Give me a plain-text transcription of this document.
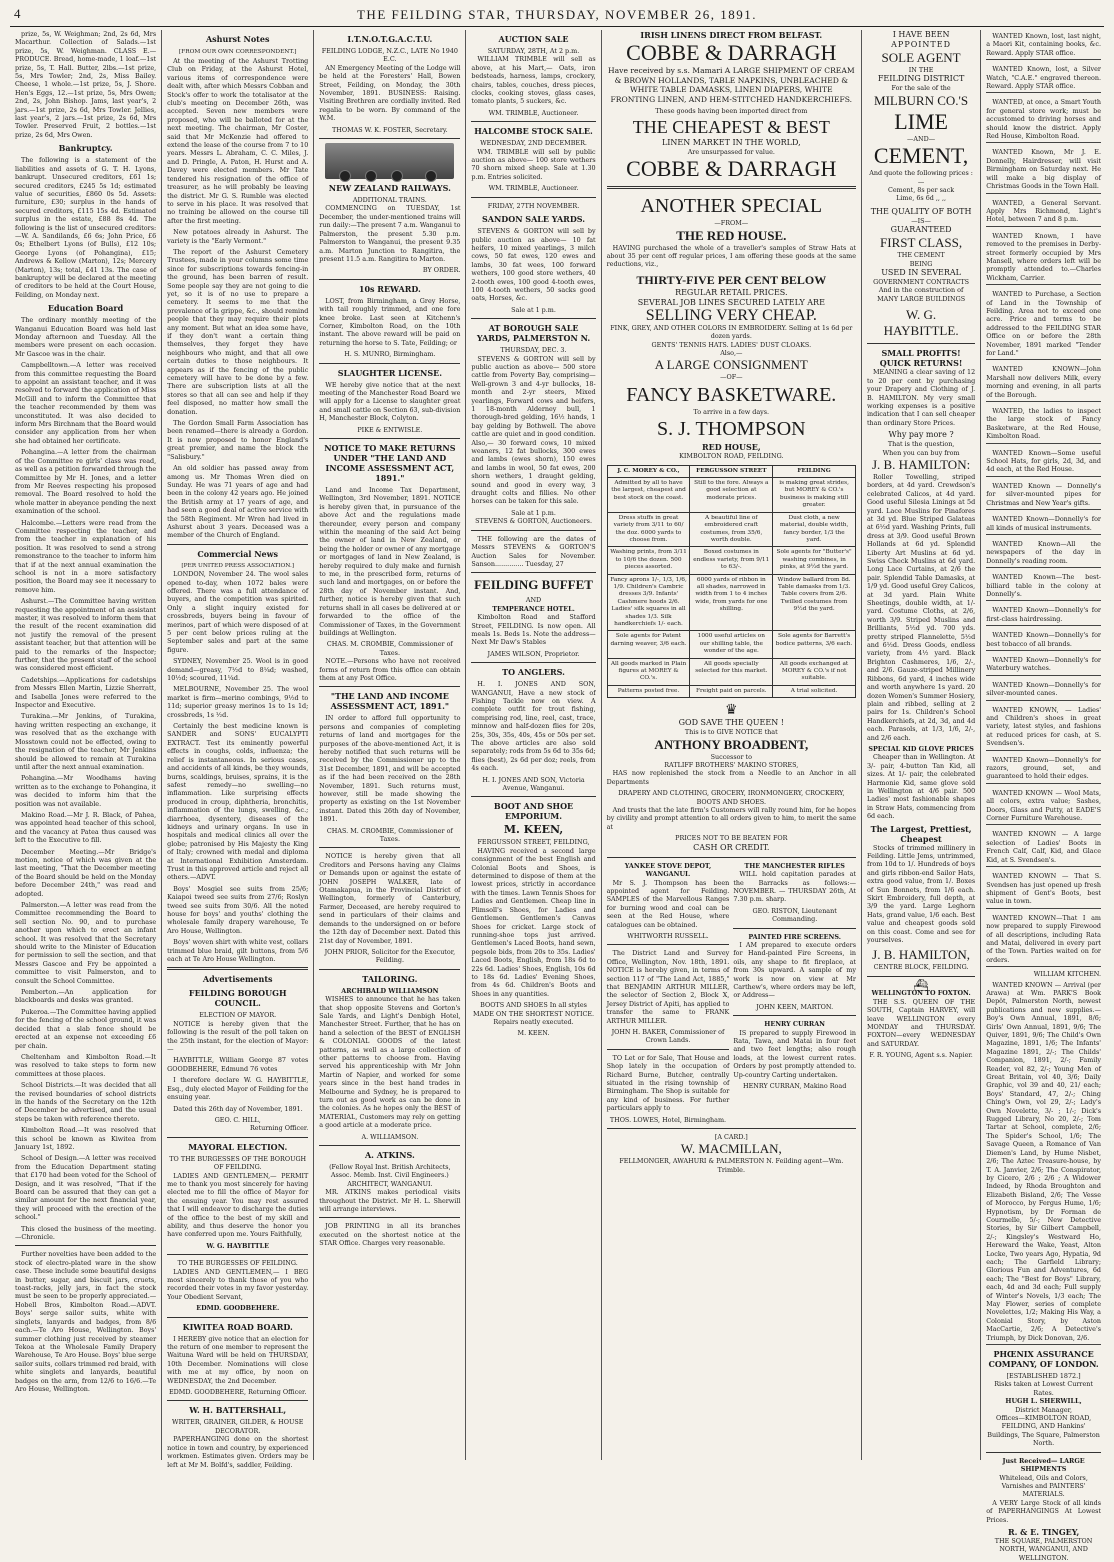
4	THE FEILDING STAR, THURSDAY, NOVEMBER 26, 1891.

prize, 5s, W. Weighman; 2nd, 2s 6d, Mrs Macarthur. Collection of Salads.—1st prize, 5s, W. Weighman. CLASS E.—PRODUCE. Bread, home-made, 1 loaf.—1st prize, 5s, T. Hall. Butter, 2lbs.—1st prize, 5s, Mrs Towler; 2nd, 2s, Miss Bailey. Cheese, 1 whole.—1st prize, 5s, J. Shore. Hen's Eggs, 12.—1st prize, 5s, Mrs Owen; 2nd, 2s, John Bishop. Jams, last year's, 2 jars.—1st prize, 2s 6d, Mrs Towler. Jellies, last year's, 2 jars.—1st prize, 2s 6d, Mrs Towler. Preserved Fruit, 2 bottles.—1st prize, 2s 6d, Mrs Owen.

Bankruptcy.

The following is a statement of the liabilities and assets of G. T. H. Lyons, bankrupt. Unsecured creditors, £61 1s; secured creditors, £245 5s 1d; estimated value of securities, £860 0s 5d. Assets: furniture, £30; surplus in the hands of secured creditors, £115 15s 4d. Estimated surplus in the estate, £88 8s 4d. The following is the list of unsecured creditors:—W. A. Sandilands, £6 6s; John Price, £6 0s; Ethelbert Lyons (of Bulls), £12 10s; George Lyons (of Pohangina), £15; Andrews & Kellow (Marton), 12s; Mercery (Marton), 13s; total, £41 13s. The case of bankruptcy will be declared at the meeting of creditors to be held at the Court House, Feilding, on Monday next.

Education Board

The ordinary monthly meeting of the Wanganui Education Board was held last Monday afternoon and Tuesday. All the members were present on each occasion. Mr Gascoe was in the chair.

Campbelltown.—A letter was received from this committee requesting the Board to appoint an assistant teacher, and it was resolved to forward the application of Miss McGill and to inform the Committee that the teacher recommended by them was unconstituted. It was also decided to inform Mrs Birchnam that the Board would consider any application from her when she had obtained her certificate.

Pohangina.—A letter from the chairman of the Committee re girls' class was read, as well as a petition forwarded through the Committee by Mr H. Jones, and a letter from Mr Reeves respecting his proposed removal. The Board resolved to hold the whole matter in abeyance pending the next examination of the school.

Halcombe.—Letters were read from the Committee respecting the teacher, and from the teacher in explanation of his position. It was resolved to send a strong remonstrance to the teacher to inform him that if at the next annual examination the school is not in a more satisfactory position, the Board may see it necessary to remove him.

Ashurst.—The Committee having written requesting the appointment of an assistant master, it was resolved to inform them that the result of the recent examination did not justify the removal of the present assistant teacher, but that attention will be paid to the remarks of the Inspector; further, that the present staff of the school was considered most efficient.

Cadetships.—Applications for cadetships from Messrs Ellen Martin, Lizzie Sherratt, and Isabella Jones were referred to the Inspector and Executive.

Turakina.—Mr Jenkins, of Turakina, having written respecting an exchange, it was resolved that as the exchange with Mosstown could not be effected, owing to the resignation of the teacher, Mr Jenkins should be allowed to remain at Turakina until after the next annual examination.

Pohangina.—Mr Woodhams having written as to the exchange to Pohangina, it was decided to inform him that the position was not available.

Makino Road.—Mr J. R. Black, of Pahea, was appointed head teacher of this school, and the vacancy at Patea thus caused was left to the Executive to fill.

December Meeting.—Mr Bridge's motion, notice of which was given at the last meeting, "That the December meeting of the Board should be held on the Monday before December 24th," was read and adopted.

Palmerston.—A letter was read from the Committee recommending the Board to sell section No. 90, and to purchase another upon which to erect an infant school. It was resolved that the Secretary should write to the Minister of Education for permission to sell the section, and that Messrs Gascoe and Fry be appointed a committee to visit Palmerston, and to consult the School Committee.

Pemberton.—An application for blackboards and desks was granted.

Pukeroa.—The Committee having applied for the fencing of the school ground, it was decided that a slab fence should be erected at an expense not exceeding £6 per chain.

Cheltenham and Kimbolton Road.—It was resolved to take steps to form new committees at those places.

School Districts.—It was decided that all the revised boundaries of school districts in the hands of the Secretary on the 12th of December be advertised, and the usual steps be taken with reference thereto.

Kimbolton Road.—It was resolved that this school be known as Kiwitea from January 1st, 1892.

School of Design.—A letter was received from the Education Department stating that £170 had been voted for the School of Design, and it was resolved, "That if the Board can be assured that they can get a similar amount for the next financial year, they will proceed with the erection of the school."

This closed the business of the meeting.—Chronicle.

Further novelties have been added to the stock of electro-plated ware in the show case. These include some beautiful designs in butter, sugar, and biscuit jars, cruets, toast-racks, jelly jars, in fact the stock must be seen to be properly appreciated.—Hobell Bros, Kimbolton Road.—ADVT. Boys' serge sailor suits, white with singlets, lanyards and badges, from 8/6 each.—Te Aro House, Wellington. Boys' summer clothing just received by steamer Tekoa at the Wholesale Family Drapery Warehouse, Te Aro House. Boys' blue serge sailor suits, collars trimmed red braid, with white singlets and lanyards, beautiful badges on the arm, from 12/6 to 16/6.—Te Aro House, Wellington.

Ashurst Notes
[FROM OUR OWN CORRESPONDENT.]

At the meeting of the Ashurst Trotting Club on Friday, at the Ashurst Hotel, various items of correspondence were dealt with, after which Messrs Cobban and Stock's offer to work the totalisator at the club's meeting on December 26th, was accepted. Seven new members were proposed, who will be balloted for at the next meeting. The chairman, Mr Coster, said that Mr McKenzie had offered to extend the lease of the course from 7 to 10 years. Messrs L. Abraham, C. C. Miles, J. and D. Pringle, A. Paton, H. Hurst and A. Davey were elected members. Mr Tate tendered his resignation of the office of treasurer, as he will probably be leaving the district. Mr G. S. Rumble was elected to serve in his place. It was resolved that no training be allowed on the course till after the first meeting.

New potatoes already in Ashurst. The variety is the "Early Vermont."

The report of the Ashurst Cemetery Trustees, made in your columns some time since for subscriptions towards fencing-in the ground, has been barren of result. Some people say they are not going to die yet, so it is of no use to prepare a cemetery. It seems to me that the prevalence of la grippe, &c., should remind people that they may require their plots any moment. But what an idea some have, if they don't want a certain thing themselves, they forget they have neighbours who might, and that all owe certain duties to those neighbours. It appears as if the fencing of the public cemetery will have to be done by a few. There are subscription lists at all the stores so that all can see and help if they feel disposed, no matter how small the donation.

The Gordon Small Farm Association has been renamed—there is already a Gordon. It is now proposed to honor England's great premier, and name the block the "Salisbury."

An old soldier has passed away from among us. Mr Thomas Wren died on Sunday. He was 71 years of age and had been in the colony 42 years ago. He joined the British army at 17 years of age, and had seen a good deal of active service with the 58th Regiment. Mr Wren had lived in Ashurst about 3 years. Deceased was a member of the Church of England.

Commercial News
[PER UNITED PRESS ASSOCIATION.]

LONDON, November 24. The wool sales opened to-day, when 1072 bales were offered. There was a full attendance of buyers, and the competition was spirited. Only a slight inquiry existed for crossbreds, buyers being in favour of merinos, part of which were disposed of at 5 per cent below prices ruling at the September sales and part at the same figure.

SYDNEY, November 25. Wool is in good demand—greasy, 7½d to 8¼d; washed, 10½d; scoured, 11¼d.

MELBOURNE, November 25. The wool market is firm—merino combings, 9½d to 11d; superior greasy merinos 1s to 1s 1d; crossbreds, 1s ½d.

Certainly the best medicine known is SANDER and SONS' EUCALYPTI EXTRACT. Test its eminently powerful effects in coughs, colds, influenza; the relief is instantaneous. In serious cases, and accidents of all kinds, be they wounds, burns, scaldings, bruises, sprains, it is the safest remedy—no swelling—no inflammation. Like surprising effects produced in croup, diphtheria, bronchitis, inflammation of the lungs, swelling, &c.; diarrhoea, dysentery, diseases of the kidneys and urinary organs. In use in hospitals and medical clinics all over the globe; patronised by His Majesty the King of Italy; crowned with medal and diploma at International Exhibition Amsterdam. Trust in this approved article and reject all others.—ADVT.

Boys' Mosgiel see suits from 25/6; Kaiapoi tweed see suits from 27/6; Roslyn tweed see suits from 30/6. All the noted house for boys' and youths' clothing the wholesale family drapery warehouse, Te Aro House, Wellington.

Boys' woven shirt with white vest, collars trimmed blue braid, gilt buttons, from 5/6 each at Te Aro House Wellington.

Advertisements
FEILDING BOROUGH COUNCIL.
ELECTION OF MAYOR.

NOTICE is hereby given that the following is the result of the poll taken on the 25th instant, for the election of Mayor:—

HAYBITTLE, William George 87 votes GOODBEHERE, Edmund 76 votes

I therefore declare W. G. HAYBITTLE, Esq., duly elected Mayor of Feilding for the ensuing year.

Dated this 26th day of November, 1891.

GEO. C. HILL,
Returning Officer.
MAYORAL ELECTION.
TO THE BURGESSES OF THE BOROUGH OF FEILDING.

LADIES AND GENTLEMEN,— PERMIT me to thank you most sincerely for having elected me to fill the office of Mayor for the ensuing year. You may rest assured that I will endeavor to discharge the duties of the office to the best of my skill and ability, and thus deserve the honor you have conferred upon me. Yours Faithfully,

W. G. HAYBITTLE
TO THE BURGESSES OF FEILDING.

LADIES AND GENTLEMEN,— I BEG most sincerely to thank those of you who recorded their votes in my favor yesterday. Your Obedient Servant,

EDMD. GOODBEHERE.
KIWITEA ROAD BOARD.

I HEREBY give notice that an election for the return of one member to represent the Waituna Ward will be held on THURSDAY, 10th December. Nominations will close with me at my office, by noon on WEDNESDAY, the 2nd December.

EDMD. GOODBEHERE, Returning Officer.
W. H. BATTERSHALL,
WRITER, GRAINER, GILDER, & HOUSE DECORATOR.

PAPERHANGING done on the shortest notice in town and country, by experienced workmen. Estimates given. Orders may be left at Mr M. Bolfd's, saddler, Feilding.

I.T.N.O.T.G.A.C.T.U.
FEILDING LODGE, N.Z.C., LATE No 1940 E.C.

AN Emergency Meeting of the Lodge will be held at the Foresters' Hall, Bowen Street, Feilding, on Monday, the 30th November, 1891. BUSINESS: Raising. Visiting Brethren are cordially invited. Red regalia to be worn. By command of the W.M.

THOMAS W. K. FOSTER, Secretary.
NEW ZEALAND RAILWAYS.
ADDITIONAL TRAINS.

COMMENCING on TUESDAY, 1st December, the under-mentioned trains will run daily:—The present 7 a.m. Wanganui to Palmerston, the present 5.30 p.m. Palmerston to Wanganui, the present 9.35 a.m. Marton Junction to Rangitira, the present 11.5 a.m. Rangitira to Marton.

BY ORDER.
10s REWARD.

LOST, from Birmingham, a Grey Horse, with tail roughly trimmed, and one fore knee broke. Last seen at Kitchenn's Corner, Kimbolton Road, on the 10th instant. The above reward will be paid on returning the horse to S. Tate, Feilding; or

H. S. MUNRO, Birmingham.
SLAUGHTER LICENSE.

WE hereby give notice that at the next meeting of the Manchester Road Board we will apply for a License to slaughter great and small cattle on Section 63, sub-division H, Manchester Block, Colyton.

PIKE & ENTWISLE.
NOTICE TO MAKE RETURNS UNDER "THE LAND AND INCOME ASSESSMENT ACT, 1891."

Land and Income Tax Department, Wellington, 3rd November, 1891. NOTICE is hereby given that, in pursuance of the above Act and the regulations made thereunder, every person and company within the meaning of the said Act being the owner of land in New Zealand, or being the holder or owner of any mortgage or mortgages of land in New Zealand, is hereby required to duly make and furnish to me, in the prescribed form, returns of such land and mortgages, on or before the 28th day of November instant. And, further, notice is hereby given that such returns shall in all cases be delivered at or forwarded to the office of the Commissioner of Taxes, in the Government buildings at Wellington.

CHAS. M. CROMBIE, Commissioner of Taxes.

NOTE.—Persons who have not received forms of return from this office can obtain them at any Post Office.

"THE LAND AND INCOME ASSESSMENT ACT, 1891."

IN order to afford full opportunity to persons and companies of completing returns of land and mortgages for the purposes of the above-mentioned Act, it is hereby notified that such returns will be received by the Commissioner up to the 31st December, 1891, and will be accepted as if the had been received on the 28th November, 1891. Such returns must, however, still be made showing the property as existing on the 1st November instant. Dated this 26th day of November, 1891.

CHAS. M. CROMBIE, Commissioner of Taxes.

NOTICE is hereby given that all Creditors and Persons having any Claims or Demands upon or against the estate of JOHN JOSEPH WALKER, late of Otamakapua, in the Provincial District of Wellington, formerly of Canterbury, Farmer, Deceased, are hereby required to send in particulars of their claims and demands to the undersigned on or before the 12th day of December next. Dated this 21st day of November, 1891.

JOHN PRIOR, Solicitor for the Executor, Feilding.
TAILORING.
ARCHIBALD WILLIAMSON

WISHES to announce that he has taken that shop opposite Stevens and Gorton's Sale Yards, and Light's Denbigh Hotel, Manchester Street. Further, that he has on hand a selection of the BEST of ENGLISH & COLONIAL GOODS of the latest patterns, as well as a large collection of other patterns to choose from. Having served his apprenticeship with Mr John Martin of Napier, and worked for some years since in the best hand trades in Melbourne and Sydney, he is prepared to turn out as good work as can be done in the colonies. As he hopes only the BEST of MATERIAL, Customers may rely on getting a good article at a moderate price.

A. WILLIAMSON.
A. ATKINS.
(Fellow Royal Inst. British Architects, Assoc. Memb. Inst. Civil Engineers.) ARCHITECT, WANGANUI.

MR. ATKINS makes periodical visits throughout the District. Mr H. L. Sherwill will arrange interviews.

JOB PRINTING in all its branches executed on the shortest notice at the STAR Office. Charges very reasonable.

AUCTION SALE
SATURDAY, 28TH, At 2 p.m.

WILLIAM TRIMBLE will sell as above, at his Mart,— Oats, iron bedsteads, harness, lamps, crockery, chairs, tables, couches, dress pieces, clocks, cooking stoves, glass cases, tomato plants, 5 suckers, &c.

WM. TRIMBLE, Auctioneer.
HALCOMBE STOCK SALE.
WEDNESDAY, 2ND DECEMBER.

WM. TRIMBLE will sell by public auction as above— 100 store wethers 70 shorn mixed sheep. Sale at 1.30 p.m. Entries solicited.

WM. TRIMBLE, Auctioneer.
FRIDAY, 27TH NOVEMBER.
SANDON SALE YARDS.

STEVENS & GORTON will sell by public auction as above— 10 fat heifers, 10 mixed yearlings, 3 milch cows, 50 fat ewes, 120 ewes and lambs, 30 fat wees, 100 forward wethers, 100 good store wethers, 40 2-tooth ewes, 100 good 4-tooth ewes, 100 4-tooth wethers, 50 sacks good oats, Horses, &c.

Sale at 1 p.m.
AT BOROUGH SALE YARDS, PALMERSTON N.
THURSDAY, DEC. 3.

STEVENS & GORTON will sell by public auction as above— 500 store cattle from Poverty Bay, comprising— Well-grown 3 and 4-yr bullocks, 18-month and 2-yr steers, Mixed yearlings, Forward cows and heifers, 1 18-month Alderney bull, 1 thorough-bred gelding, 16½ hands, 1 bay gelding by Bothwell. The above cattle are quiet and in good condition. Also,— 30 forward cows, 10 mixed weaners, 12 fat bullocks, 300 ewes and lambs (ewes shorn), 150 ewes and lambs in wool, 50 fat ewes, 200 shorn wethers, 1 draught gelding, sound and good in every way, 3 draught colts and fillies. No other horses can be taken for this sale.

Sale at 1 p.m.
STEVENS & GORTON, Auctioneers.

THE following are the dates of Messrs STEVENS & GORTON'S Auction Sales for November. Sanson.............. Tuesday, 27

FEILDING BUFFET
AND
TEMPERANCE HOTEL.

Kimbolton Road and Stafford Street, FEILDING. Is now open. All meals 1s. Beds 1s. Note the address— Next Mr Daw's Stables

JAMES WILSON, Proprietor.
TO ANGLERS.

H. I. JONES AND SON, WANGANUI, Have a new stock of Fishing Tackle now on view. A complete outfit for trout fishing, comprising rod, line, reel, cast, trace, minnow and half-dozen flies for 20s, 25s, 30s, 35s, 40s, 45s or 50s per set. The above articles are also sold separately; rods from 5s 6d to 35s 6d; flies (best), 2s 6d per doz; reels, from 4s each.

H. I. JONES AND SON, Victoria Avenue, Wanganui.
BOOT AND SHOE EMPORIUM.
M. KEEN,
FERGUSSON STREET, FEILDING,

HAVING received a second large consignment of the best English and Colonial Boots and Shoes, is determined to dispose of them at the lowest prices, strictly in accordance with the times. Lawn Tennis Shoes for Ladies and Gentlemen. Cheap line in Plimsoll's Shoes, for Ladies and Gentlemen. Gentlemen's Canvas Shoes for cricket. Large stock of running-shoe tops just arrived. Gentlemen's Laced Boots, hand sewn, pegsole bids, from 20s to 35s. Ladies' Laced Boots, English, from 18s 6d to 22s 6d. Ladies' Shoes, English, 10s 6d to 18s 6d. Ladies' Evening Shoes, from 4s 6d. Children's Boots and Shoes in any quantities.

BOOTS AND SHOES In all styles MADE ON THE SHORTEST NOTICE. Repairs neatly executed.

M. KEEN.
IRISH LINENS DIRECT FROM BELFAST.
COBBE & DARRAGH

Have received by s.s. Mamari A LARGE SHIPMENT OF CREAM & BROWN HOLLANDS, TABLE NAPKINS, UNBLEACHED & WHITE TABLE DAMASKS, LINEN DIAPERS, WHITE FRONTING LINEN, AND HEM-STITCHED HANDKERCHIEFS.

These goods having been imported direct from
THE CHEAPEST & BEST
LINEN MARKET IN THE WORLD,
Are unsurpassed for value.
COBBE & DARRAGH
ANOTHER SPECIAL
—FROM—
THE RED HOUSE.

HAVING purchased the whole of a traveller's samples of Straw Hats at about 35 per cent off regular prices, I am offering these goods at the same reductions, viz.,

THIRTY-FIVE PER CENT BELOW
REGULAR RETAIL PRICES.
SEVERAL JOB LINES SECURED LATELY ARE
SELLING VERY CHEAP.
FINK, GREY, AND OTHER COLORS IN EMBROIDERY. Selling at 1s 6d per dozen yards.
GENTS' TENNIS HATS. LADIES' DUST CLOAKS.
Also,—
A LARGE CONSIGNMENT
—OF—
FANCY BASKETWARE.
To arrive in a few days.
S. J. THOMPSON
RED HOUSE,
KIMBOLTON ROAD, FEILDING.
J. C. MOREY & CO.,	FERGUSSON STREET	FEILDING
Admitted by all to have the largest, cheapest and best stock on the coast.
Still to the fore. Always a good selection at moderate prices.
is making great strides, but MOREY & CO.'s business is making still greater.
Dress stuffs in great variety from 3/11 to 60/ the doz. 6000 yards to choose from.
A beautiful line of embroidered craft costumes, from 35/6, worth double.
Dust cloth, a new material, double width, fancy border, 1/3 the yard.
Washing prints, from 3/11 to 10/6 the dozen. 500 pieces assorted.
Boxed costumes in endless variety, from 9/11 to 63/-.
Sole agents for "Butter's" washing combines, in pinks, at 9½d the yard.
Fancy aprons 1/-, 1/3, 1/6, 1/9. Children's Cambric dresses 3/9. Infants' Cashmere hoods 2/6. Ladies' silk squares in all shades 1/3. Silk handkerchiefs 1/- each.
6000 yards of ribbon in all shades, narrowed in width from 1 to 4 inches wide, from yards for one shilling.
Window ballard from 8d. Table damasks from 1/3. Table covers from 2/6. Twilled costumes from 9½d the yard.
Sole agents for Patent darning weaver, 3/6 each.
1000 useful articles on our shilling table, the wonder of the age.
Sole agents for Barrett's bodice patterns, 3/6 each.
All goods marked in Plain figures at MOREY & CO.'s.
All goods specially selected for this market.
All goods exchanged at MOREY & CO.'s if not suitable.
Patterns posted free.	Freight paid on parcels.	A trial solicited.
♛
GOD SAVE THE QUEEN !
This is to GIVE NOTICE that
ANTHONY BROADBENT,
Successor to
RATLIFF BROTHERS' MAKINO STORES,

HAS now replenished the stock from a Needle to an Anchor in all Departments

DRAPERY AND CLOTHING, GROCERY, IRONMONGERY, CROCKERY, BOOTS AND SHOES.

And trusts that the late firm's Customers will rally round him, for he hopes by civility and prompt attention to all orders given to him, to merit the same at

PRICES NOT TO BE BEATEN FOR
CASH OR CREDIT.
YANKEE STOVE DEPOT, WANGANUI.

Mr S. J. Thompson has been appointed agent for Feilding. SAMPLES of the Marvellous Ranges for burning wood and coal can be seen at the Red House, where catalogues can be obtained.

WHITWORTH RUSSELL.

The District Land and Survey Office, Wellington, Nov. 18th, 1891. NOTICE is hereby given, in terms of section 117 of "The Land Act, 1885," that BENJAMIN ARTHUR MILLER, the selector of Section 2, Block X, Jersey District of Apiti, has applied to transfer the same to FRANK ARTHUR MILLER.

JOHN H. BAKER, Commissioner of Crown Lands.

TO Let or for Sale, That House and Shop lately in the occupation of Richard Burne, Butcher, centrally situated in the rising township of Birmingham. The Shop is suitable for any kind of business. For further particulars apply to

THOS. LOWES, Hotel, Birmingham.
THE MANCHESTER RIFLES

WILL hold capitation parades at the Barracks as follows:— NOVEMBER. — THURSDAY 26th, At 7.30 p.m. sharp.

GEO. RISTON, Lieutenant Commanding.
PAINTED FIRE SCREENS.

I AM prepared to execute orders for Hand-painted Fire Screens, in oils, any shape to fit fireplace, at from 30s upward. A sample of my work is now on view at Mr Carthew's, where orders may be left, or Address—

JOHN KEEN, MARTON.
HENRY CURRAN

IS prepared to supply Firewood in Rata, Tawa, and Matai in four feet and two feet lengths; also rough loads, at the lowest current rates. Orders by post promptly attended to. Up-country Carting undertaken.

HENRY CURRAN, Makino Road
[A CARD.]
W. MACMILLAN,
FELLMONGER, AWAHURI & PALMERSTON N. Feilding agent—Wm. Trimble.
I HAVE BEEN
APPOINTED
SOLE AGENT
IN THE
FEILDING DISTRICT
For the sale of the
MILBURN CO.'S
LIME
—AND—
CEMENT,
And quote the following prices :—
Cement, 8s per sack
Lime, 6s 6d ,, ,,
THE QUALITY OF BOTH
—IS—
GUARANTEED
FIRST CLASS,
THE CEMENT
BEING
USED IN SEVERAL
GOVERNMENT CONTRACTS
And in the construction of
MANY LARGE BUILDINGS
W. G. HAYBITTLE.
SMALL PROFITS!
QUICK RETURNS!

MEANING a clear saving of 12 to 20 per cent by purchasing your Drapery and Clothing of J. B. HAMILTON. My very small working expenses is a positive indication that I can sell cheaper than ordinary Store Prices.

Why pay more ?
That is the question,
When you can buy from
J. B. HAMILTON:

Roller Towelling, striped borders, at 4d yard. Crewdson's celebrated Calicos, at 4d yard. Good useful Silesia Linings at 5d yard. Lace Muslins for Pinafores at 3d yd. Blue Striped Galateas at 6½d yard. Washing Prints, full dress at 3/9. Good useful Brown Hollands at 6d yd. Splendid Liberty Art Muslins at 6d yd. Swiss Check Muslins at 6d yard. Long Lace Curtains, at 2/6 the pair. Splendid Table Damasks, at 1/9 yd. Good useful Grey Calicos, at 3d yard. Plain White Sheetings, double width, at 1/- yard. Costume Cloths, at 2/6, worth 3/9. Striped Muslins and Brilliants, 5½d yd. 700 yds. pretty striped Flannelette, 5½d and 6½d. Dress Goods, endless variety, from 4½ yard. Black Brighton Cashmeres, 1/6, 2/-, and 2/6. Gauze-striped Millinery Ribbons, 6d yard, 4 inches wide and worth anywhere 1s yard. 20 dozen Women's Summer Hosiery, plain and ribbed, selling at 2 pairs for 1s. Children's School Handkerchiefs, at 2d, 3d, and 4d each. Parasols, at 1/3, 1/6, 2/-, and 2/6 each.

SPECIAL KID GLOVE PRICES

Cheaper than in Wellington. At 3/- pair, 4-button Tan Kid, all sizes. At 1/- pair, the celebrated Harmonie Kid, same glove sold in Wellington at 4/6 pair. 500 Ladies' most fashionable shapes in Straw Hats, commencing from 6d each.

The Largest, Prettiest, Cheapest

Stocks of trimmed millinery in Feilding. Little Jems, untrimmed, from 10d to 1/. Hundreds of boys and girls ribbon-end Sailor Hats, extra good value, from 1/. Boxes of Sun Bonnets, from 1/6 each. Skirt Embroidery, full depth, at 3/9 the yard. Large Leghorn Hats, grand value, 1/6 each. Best value and cheapest goods sold on this coast. Come and see for yourselves.

J. B. HAMILTON,
CENTRE BLOCK, FEILDING.
⛴
WELLINGTON TO FOXTON.

THE S.S. QUEEN OF THE SOUTH, Captain HARVEY, will leave WELLINGTON every MONDAY and THURSDAY. FOXTON—every WEDNESDAY and SATURDAY.

F. R. YOUNG, Agent s.s. Napier.

WANTED Known, lost, last night, a Maori Kit, containing books, &c. Reward. Apply STAR office.

WANTED Known, lost, a Silver Watch, "C.A.E." engraved thereon. Reward. Apply STAR office.

WANTED, at once, a Smart Youth for general store work; must be accustomed to driving horses and should know the district. Apply Red House, Kimbolton Road.

WANTED Known, Mr J. E. Donnelly, Hairdresser, will visit Birmingham on Saturday next. He will make a big display of Christmas Goods in the Town Hall.

WANTED, a General Servant. Apply Mrs Richmond, Light's Hotel, between 7 and 8 p.m.

WANTED Known, I have removed to the premises in Derby-street formerly occupied by Mrs Mansell, where orders left will be promptly attended to.—Charles Wickham, Carrier.

WANTED to Purchase, a Section of Land in the Township of Feilding. Area not to exceed one acre. Price and terms to be addressed to the FEILDING STAR Office on or before the 28th November, 1891 marked "Tender for Land."

WANTED KNOWN—John Marshall now delivers Milk, every morning and evening, in all parts of the Borough.

WANTED, the ladies to inspect the large stock of Fancy Basketware, at the Red House, Kimbolton Road.

WANTED Known—Some useful School Hats, for girls, 2d, 3d, and 4d each, at the Red House.

WANTED Known — Donnelly's for silver-mounted pipes for Christmas and New Year's gifts.

WANTED Known—Donnelly's for all kinds of musical instruments.

WANTED Known—All the newspapers of the day in Donnelly's reading room.

WANTED Known—The best-billiard table in the colony at Donnelly's.

WANTED Known—Donnelly's for first-class hairdressing.

WANTED Known—Donnelly's for best tobacco of all brands.

WANTED Known—Donnelly's for Waterbury watches.

WANTED Known—Donnelly's for silver-mounted canes.

WANTED KNOWN, — Ladies' and Children's shoes in great variety, latest styles, and fashions at reduced prices for cash, at S. Svendsen's.

WANTED Known—Donnelly's for razors, ground, set, and guaranteed to hold their edges.

WANTED KNOWN — Wool Mats, all colors, extra value; Sashes, Doors, Glass and Putty, at EADE'S Corner Furniture Warehouse.

WANTED KNOWN — A large selection of Ladies' Boots in French Calf, Calf, Kid, and Glace Kid, at S. Svendsen's.

WANTED KNOWN — That S. Svendsen has just opened up fresh shipment of Gent's Boots, best value in town.

WANTED KNOWN—That I am now prepared to supply Firewood of all descriptions, including Rata and Matai, delivered in every part of the Town. Parties waited on for orders.

WILLIAM KITCHEN.

WANTED KNOWN — Arrival (per Arawa) at Wm. PARK'S Book Depôt, Palmerston North, newest publications and new supplies.—Boy's Own Annual, 1891, 8/6; Girls' Own Annual, 1891, 9/6; The Quiver, 1891, 9/6; The Child's Own Magazine, 1891, 1/6; The Infants' Magazine 1891, 2/-; The Childs' Companion, 1891, 2/-; Family Reader, vol 82, 2/-; Young Men of Great Britain, vol 40, 3/6; Daily Graphic, vol 39 and 40, 21/ each; Boys' Standard, 47, 2/-; Ching Ching's Own, vol 29, 2/-; Lady's Own Novelette, 3/- ; 1/-; Dick's Rugged Library, No 20, 2/-; Tom Tartar at School, complete, 2/6; The Spider's School, 1/6; The Savage Queen, a Romance of Van Diemen's Land, by Hume Nisbet, 2/6; The Aztec Treasure-house, by T. A. Janvier, 2/6; The Conspirator, by Cicero, 2/6 ; 2/6 ; A Widower Indeed, by Rhoda Broughton and Elizabeth Bisland, 2/6; The Vesse of Morocco, by Fergus Hume, 1/6; Hypnotism, by Dr Forman de Courmelle, 5/-; New Detective Stories, by Sir Gilbert Campbell, 2/-; Kingsley's Westward Ho, Hereward the Wake, Yeast, Alton Locke, Two years Ago, Hypatia, 9d each; The Garfield Library; Glorious Fun and Adventures, 6d each; The "Best for Boys" Library, each, 4d and 3d each; Full supply of Winter's Novels, 1/3 each; The May Flower, series of complete Novelettes, 1/2; Making His Way, a Colonial Story, by Aston MacCartie, 2/6; A Detective's Triumph, by Dick Donovan, 2/6.

PHŒNIX ASSURANCE COMPANY, OF LONDON.
[ESTABLISHED 1872.]
Risks taken at Lowest Current Rates.
HUGH L. SHERWILL,
District Manager,
Offices—KIMBOLTON ROAD, FEILDING, AND Hankins' Buildings, The Square, Palmerston North.
Just Received— LARGE SHIPMENTS
Whitelead, Oils and Colors, Varnishes and PAINTERS' MATERIALS.

A VERY Large Stock of all kinds of PAPERHANGINGS At Lowest Prices.

R. & E. TINGEY,
THE SQUARE, PALMERSTON NORTH, WANGANUI, AND WELLINGTON.
